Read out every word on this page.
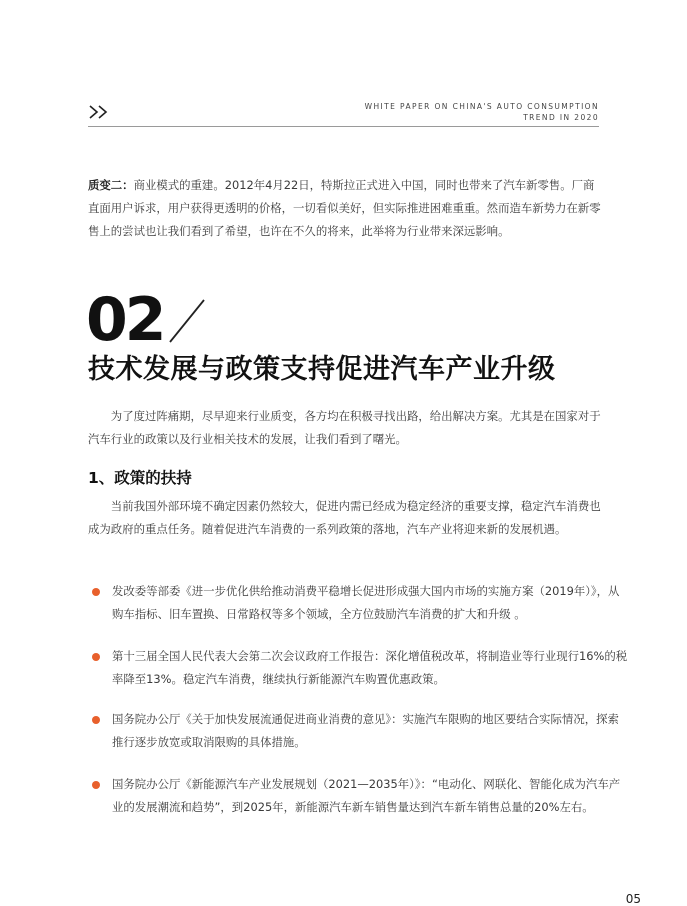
WHITE PAPER ON CHINA'S AUTO CONSUMPTION
TREND IN 2020
质变二：商业模式的重建。2012年4月22日，特斯拉正式进入中国，同时也带来了汽车新零售。厂商直面用户诉求，用户获得更透明的价格，一切看似美好，但实际推进困难重重。然而造车新势力在新零售上的尝试也让我们看到了希望，也许在不久的将来，此举将为行业带来深远影响。
02
技术发展与政策支持促进汽车产业升级
为了度过阵痛期，尽早迎来行业质变，各方均在积极寻找出路，给出解决方案。尤其是在国家对于汽车行业的政策以及行业相关技术的发展，让我们看到了曙光。
1、政策的扶持
当前我国外部环境不确定因素仍然较大，促进内需已经成为稳定经济的重要支撑，稳定汽车消费也成为政府的重点任务。随着促进汽车消费的一系列政策的落地，汽车产业将迎来新的发展机遇。
发改委等部委《进一步优化供给推动消费平稳增长促进形成强大国内市场的实施方案（2019年）》，从购车指标、旧车置换、日常路权等多个领域，全方位鼓励汽车消费的扩大和升级 。
第十三届全国人民代表大会第二次会议政府工作报告：深化增值税改革，将制造业等行业现行16%的税率降至13%。稳定汽车消费，继续执行新能源汽车购置优惠政策。
国务院办公厅《关于加快发展流通促进商业消费的意见》：实施汽车限购的地区要结合实际情况，探索推行逐步放宽或取消限购的具体措施。
国务院办公厅《新能源汽车产业发展规划（2021—2035年）》：“电动化、网联化、智能化成为汽车产业的发展潮流和趋势”，到2025年，新能源汽车新车销售量达到汽车新车销售总量的20%左右。
05
